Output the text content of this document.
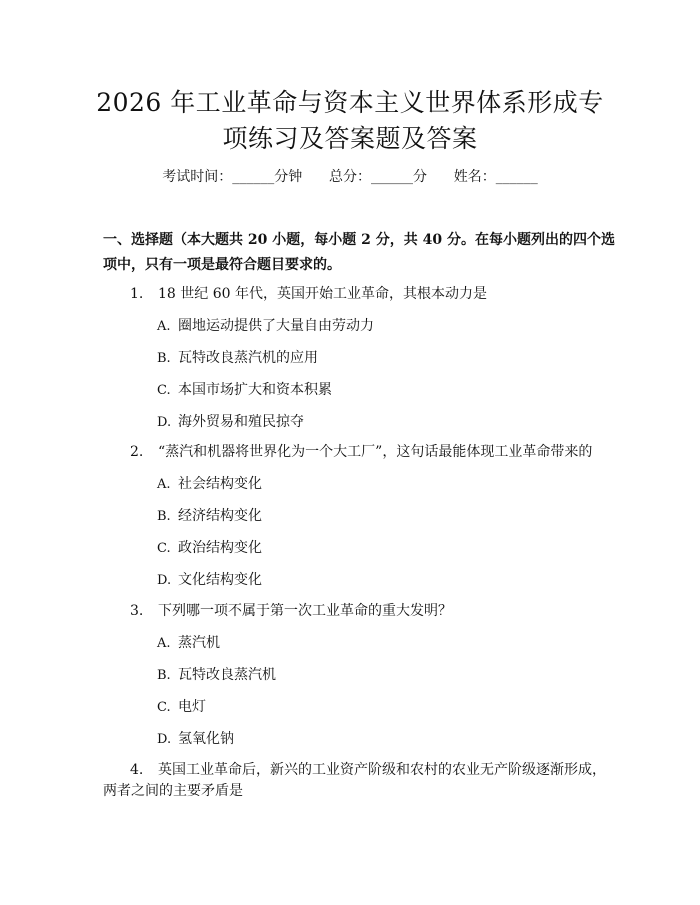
2026 年工业革命与资本主义世界体系形成专
项练习及答案题及答案
考试时间：______分钟      总分：______分      姓名：______
一、选择题（本大题共 20 小题，每小题 2 分，共 40 分。在每小题列出的四个选
项中，只有一项是最符合题目要求的。
1. 18 世纪 60 年代，英国开始工业革命，其根本动力是
A. 圈地运动提供了大量自由劳动力
B. 瓦特改良蒸汽机的应用
C. 本国市场扩大和资本积累
D. 海外贸易和殖民掠夺
2. “蒸汽和机器将世界化为一个大工厂”，这句话最能体现工业革命带来的
A. 社会结构变化
B. 经济结构变化
C. 政治结构变化
D. 文化结构变化
3. 下列哪一项不属于第一次工业革命的重大发明？
A. 蒸汽机
B. 瓦特改良蒸汽机
C. 电灯
D. 氢氧化钠
4. 英国工业革命后，新兴的工业资产阶级和农村的农业无产阶级逐渐形成，
两者之间的主要矛盾是
